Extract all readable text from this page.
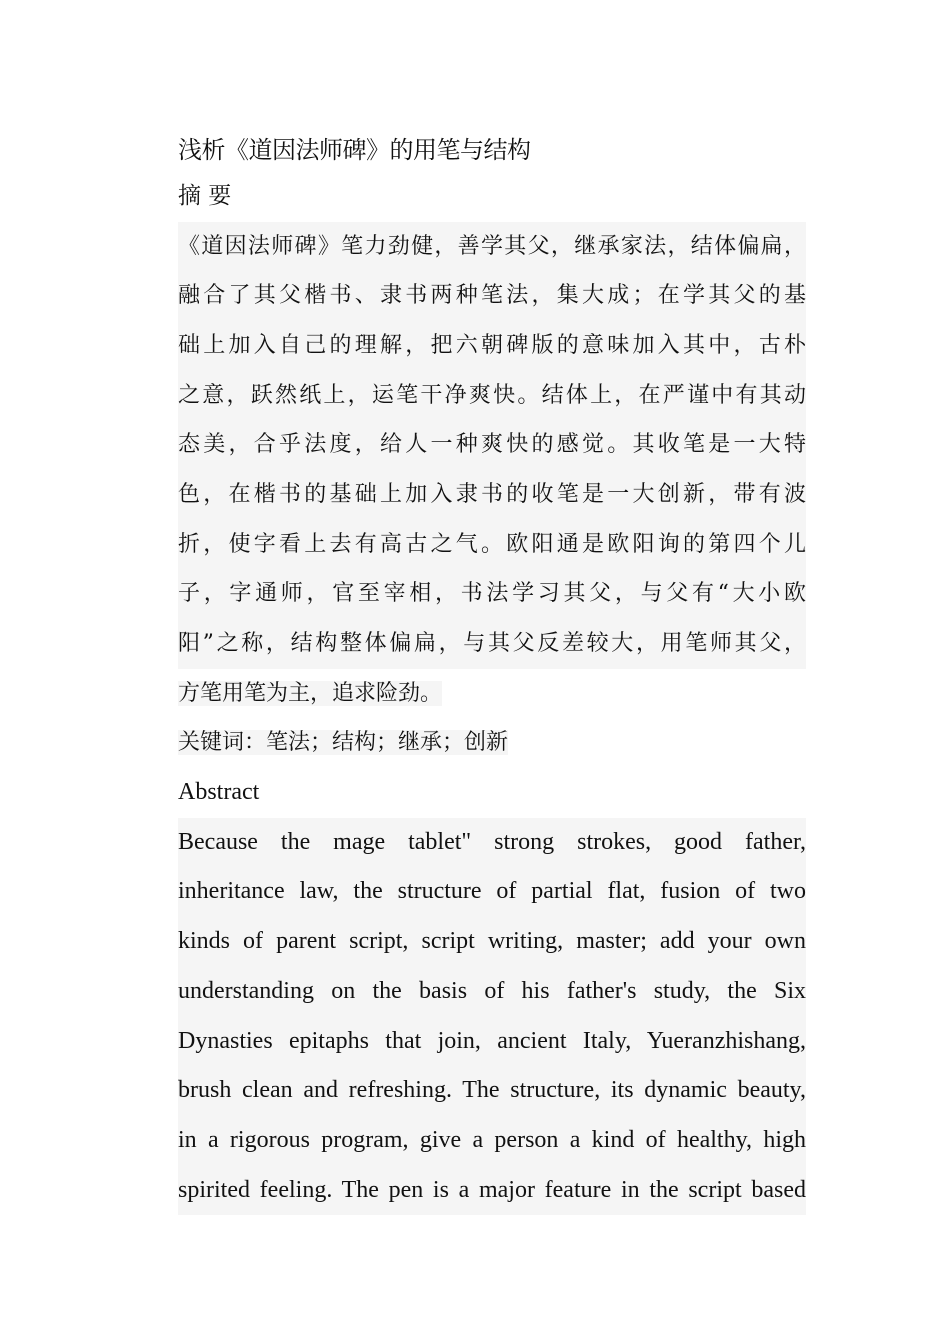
浅析《道因法师碑》的用笔与结构
摘 要
《道因法师碑》笔力劲健，善学其父，继承家法，结体偏扁，
融合了其父楷书、隶书两种笔法，集大成；在学其父的基
础上加入自己的理解，把六朝碑版的意味加入其中，古朴
之意，跃然纸上，运笔干净爽快。结体上，在严谨中有其动
态美，合乎法度，给人一种爽快的感觉。其收笔是一大特
色，在楷书的基础上加入隶书的收笔是一大创新，带有波
折，使字看上去有高古之气。欧阳通是欧阳询的第四个儿
子，字通师，官至宰相，书法学习其父，与父有“大小欧
阳”之称，结构整体偏扁，与其父反差较大，用笔师其父，
方笔用笔为主，追求险劲。

关键词：笔法；结构；继承；创新

Abstract

Because the mage tablet" strong strokes, good father,
inheritance law, the structure of partial flat, fusion of two
kinds of parent script, script writing, master; add your own
understanding on the basis of his father's study, the Six
Dynasties epitaphs that join, ancient Italy, Yueranzhishang,
brush clean and refreshing. The structure, its dynamic beauty,
in a rigorous program, give a person a kind of healthy, high
spirited feeling. The pen is a major feature in the script based
